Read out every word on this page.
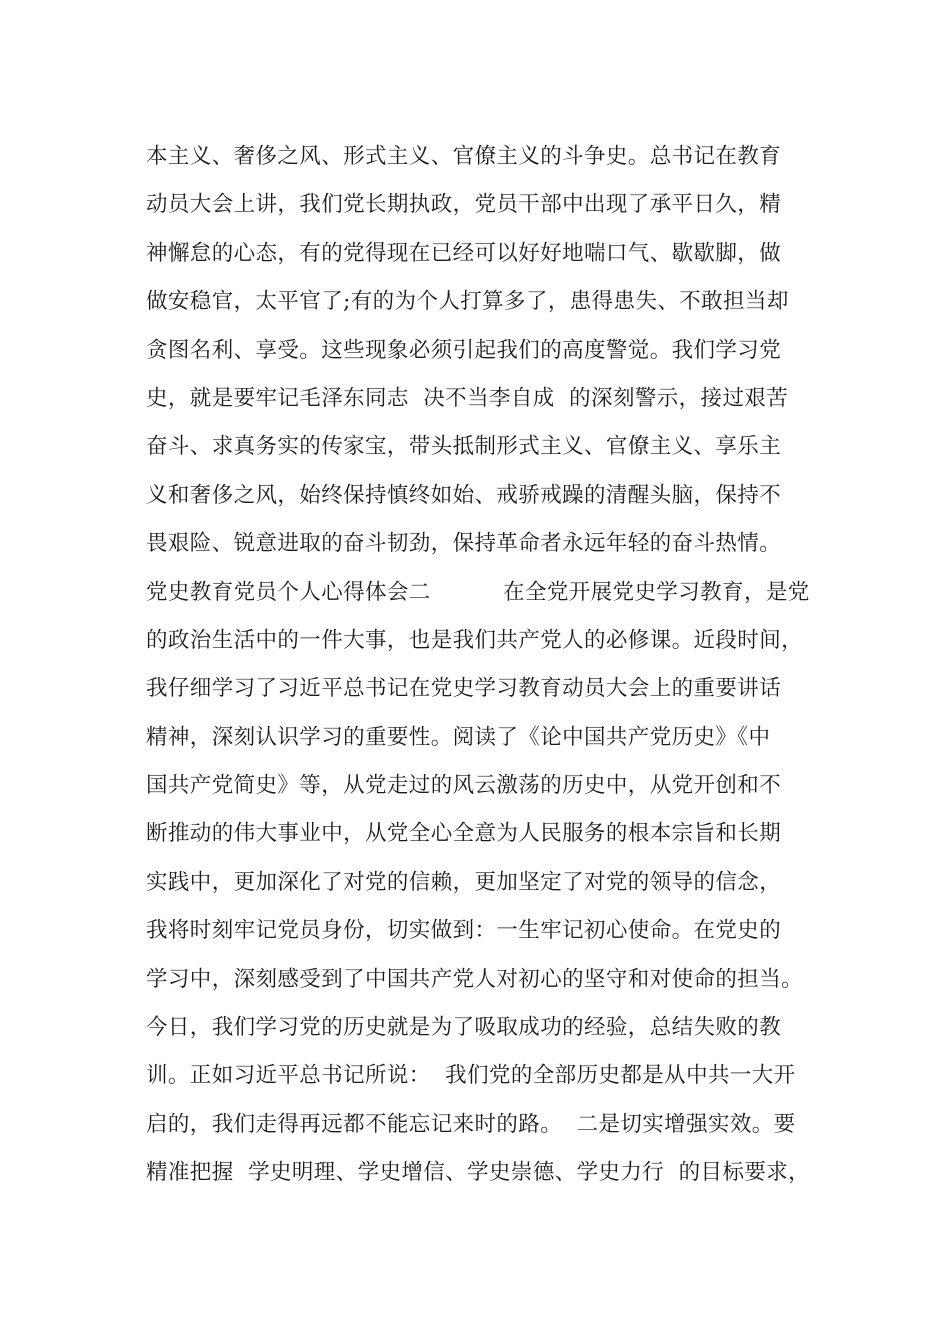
本主义、奢侈之风、形式主义、官僚主义的斗争史。总书记在教育
动员大会上讲，我们党长期执政，党员干部中出现了承平日久，精
神懈怠的心态，有的党得现在已经可以好好地喘口气、歇歇脚，做
做安稳官，太平官了;有的为个人打算多了，患得患失、不敢担当却
贪图名利、享受。这些现象必须引起我们的高度警觉。我们学习党
史，就是要牢记毛泽东同志  决不当李自成  的深刻警示，接过艰苦
奋斗、求真务实的传家宝，带头抵制形式主义、官僚主义、享乐主
义和奢侈之风，始终保持慎终如始、戒骄戒躁的清醒头脑，保持不
畏艰险、锐意进取的奋斗韧劲，保持革命者永远年轻的奋斗热情。
党史教育党员个人心得体会二          在全党开展党史学习教育，是党
的政治生活中的一件大事，也是我们共产党人的必修课。近段时间，
我仔细学习了习近平总书记在党史学习教育动员大会上的重要讲话
精神，深刻认识学习的重要性。阅读了《论中国共产党历史》《中
国共产党简史》等，从党走过的风云激荡的历史中，从党开创和不
断推动的伟大事业中，从党全心全意为人民服务的根本宗旨和长期
实践中，更加深化了对党的信赖，更加坚定了对党的领导的信念，
我将时刻牢记党员身份，切实做到：一生牢记初心使命。在党史的
学习中，深刻感受到了中国共产党人对初心的坚守和对使命的担当。
今日，我们学习党的历史就是为了吸取成功的经验，总结失败的教
训。正如习近平总书记所说：  我们党的全部历史都是从中共一大开
启的，我们走得再远都不能忘记来时的路。  二是切实增强实效。要
精准把握  学史明理、学史增信、学史崇德、学史力行  的目标要求，
